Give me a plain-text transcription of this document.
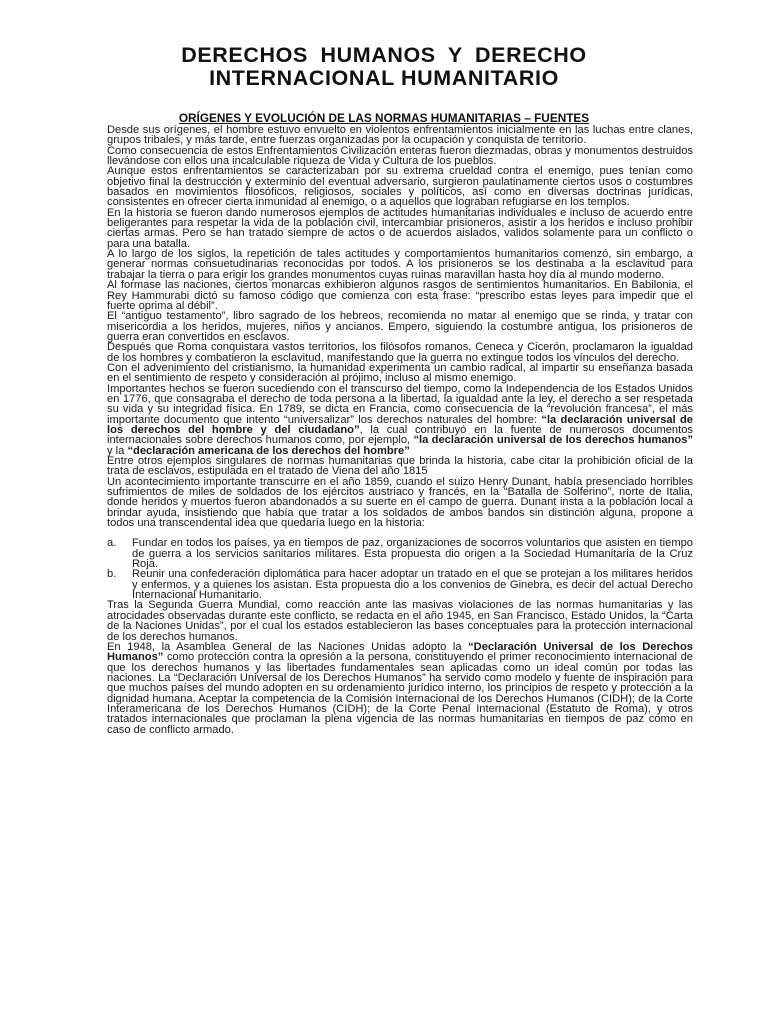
DERECHOS HUMANOS Y DERECHO
INTERNACIONAL HUMANITARIO
ORÍGENES Y EVOLUCIÓN DE LAS NORMAS HUMANITARIAS – FUENTES

Desde sus orígenes, el hombre estuvo envuelto en violentos enfrentamientos inicialmente en las luchas entre clanes, grupos tribales, y más tarde, entre fuerzas organizadas por la ocupación y conquista de territorio.

Como consecuencia de estos Enfrentamientos Civilización enteras fueron diezmadas, obras y monumentos destruidos llevándose con ellos una incalculable riqueza de Vida y Cultura de los pueblos.

Aunque estos enfrentamientos se caracterizaban por su extrema crueldad contra el enemigo, pues tenían como objetivo final la destrucción y exterminio del eventual adversario, surgieron paulatinamente ciertos usos o costumbres basados en movimientos filosóficos, religiosos, sociales y políticos, así como en diversas doctrinas jurídicas, consistentes en ofrecer cierta inmunidad al enemigo, o a aquellos que lograban refugiarse en los templos.

En la historia se fueron dando numerosos ejemplos de actitudes humanitarias individuales e incluso de acuerdo entre beligerantes para respetar la vida de la población civil, intercambiar prisioneros, asistir a los heridos e incluso prohibir ciertas armas. Pero se han tratado siempre de actos o de acuerdos aislados, validos solamente para un conflicto o para una batalla.

A lo largo de los siglos, la repetición de tales actitudes y comportamientos humanitarios comenzó, sin embargo, a generar normas consuetudinarias reconocidas por todos. A los prisioneros se los destinaba a la esclavitud para trabajar la tierra o para erigir los grandes monumentos cuyas ruinas maravillan hasta hoy día al mundo moderno.

Al formase las naciones, ciertos monarcas exhibieron algunos rasgos de sentimientos humanitarios. En Babilonia, el Rey Hammurabi dictó su famoso código que comienza con esta frase: “prescribo estas leyes para impedir que el fuerte oprima al débil”.

El “antiguo testamento”, libro sagrado de los hebreos, recomienda no matar al enemigo que se rinda, y tratar con misericordia a los heridos, mujeres, niños y ancianos. Empero, siguiendo la costumbre antigua, los prisioneros de guerra eran convertidos en esclavos.

Después que Roma conquistara vastos territorios, los filósofos romanos, Ceneca y Cicerón, proclamaron la igualdad de los hombres y combatieron la esclavitud, manifestando que la guerra no extingue todos los vínculos del derecho.

Con el advenimiento del cristianismo, la humanidad experimenta un cambio radical, al impartir su enseñanza basada en el sentimiento de respeto y consideración al prójimo, incluso al mismo enemigo.

Importantes hechos se fueron sucediendo con el transcurso del tiempo, como la Independencia de los Estados Unidos en 1776, que consagraba el derecho de toda persona a la libertad, la igualdad ante la ley, el derecho a ser respetada su vida y su integridad física. En 1789, se dicta en Francia, como consecuencia de la “revolución francesa”, el más importante documento que intento “universalizar” los derechos naturales del hombre: “la declaración universal de los derechos del hombre y del ciudadano”, la cual contribuyó en la fuente de numerosos documentos internacionales sobre derechos humanos como, por ejemplo, “la declaración universal de los derechos humanos” y la “declaración americana de los derechos del hombre”

Entre otros ejemplos singulares de normas humanitarias que brinda la historia, cabe citar la prohibición oficial de la trata de esclavos, estipulada en el tratado de Viena del año 1815

Un acontecimiento importante transcurre en el año 1859, cuando el suizo Henry Dunant, había presenciado horribles sufrimientos de miles de soldados de los ejércitos austriaco y francés, en la “Batalla de Solferino”, norte de Italia, donde heridos y muertos fueron abandonados a su suerte en el campo de guerra. Dunant insta a la población local a brindar ayuda, insistiendo que había que tratar a los soldados de ambos bandos sin distinción alguna, propone a todos una transcendental idea que quedaría luego en la historia:

a. Fundar en todos los países, ya en tiempos de paz, organizaciones de socorros voluntarios que asisten en tiempo de guerra a los servicios sanitarios militares. Esta propuesta dio origen a la Sociedad Humanitaria de la Cruz Roja.
b. Reunir una confederación diplomática para hacer adoptar un tratado en el que se protejan a los militares heridos y enfermos, y a quienes los asistan. Esta propuesta dio a los convenios de Ginebra, es decir del actual Derecho Internacional Humanitario.

Tras la Segunda Guerra Mundial, como reacción ante las masivas violaciones de las normas humanitarias y las atrocidades observadas durante este conflicto, se redacta en el año 1945, en San Francisco, Estado Unidos, la “Carta de la Naciones Unidas”, por el cual los estados establecieron las bases conceptuales para la protección internacional de los derechos humanos.

En 1948, la Asamblea General de las Naciones Unidas adopto la “Declaración Universal de los Derechos Humanos” como protección contra la opresión a la persona, constituyendo el primer reconocimiento internacional de que los derechos humanos y las libertades fundamentales sean aplicadas como un ideal común por todas las naciones. La “Declaración Universal de los Derechos Humanos” ha servido como modelo y fuente de inspiración para que muchos países del mundo adopten en su ordenamiento jurídico interno, los principios de respeto y protección a la dignidad humana. Aceptar la competencia de la Comisión Internacional de los Derechos Humanos (CIDH); de la Corte Interamericana de los Derechos Humanos (CIDH); de la Corte Penal Internacional (Estatuto de Roma), y otros tratados internacionales que proclaman la plena vigencia de las normas humanitarias en tiempos de paz como en caso de conflicto armado.
